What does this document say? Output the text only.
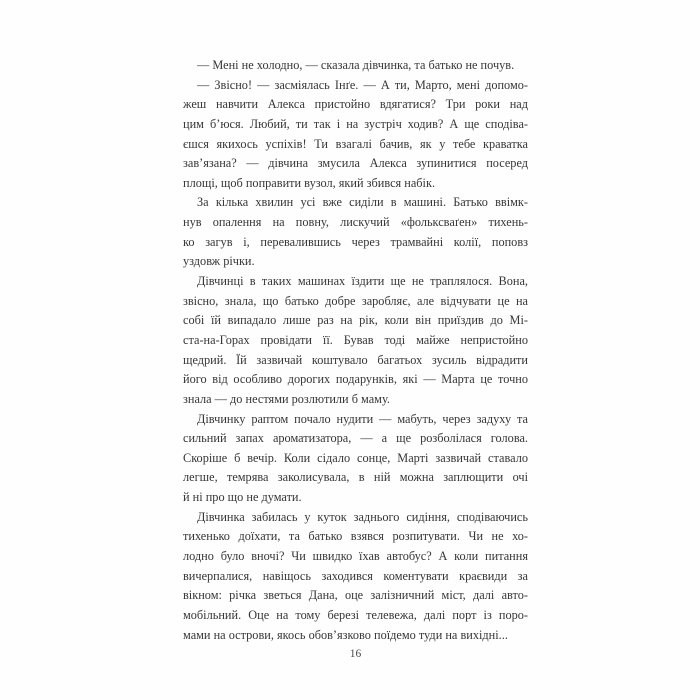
— Мені не холодно, — сказала дівчинка, та батько не почув.
— Звісно! — засміялась Інґе. — А ти, Марто, мені допомо-
жеш навчити Алекса пристойно вдягатися? Три роки над
цим б’юся. Любий, ти так і на зустріч ходив? А ще сподіва-
єшся якихось успіхів! Ти взагалі бачив, як у тебе краватка
зав’язана? — дівчина змусила Алекса зупинитися посеред
площі, щоб поправити вузол, який збився набік.
За кілька хвилин усі вже сиділи в машині. Батько ввімк-
нув опалення на повну, лискучий «фольксваґен» тихень-
ко загув і, перевалившись через трамвайні колії, поповз
уздовж річки.
Дівчинці в таких машинах їздити ще не траплялося. Вона,
звісно, знала, що батько добре заробляє, але відчувати це на
собі їй випадало лише раз на рік, коли він приїздив до Мі-
ста-на-Горах провідати її. Бував тоді майже непристойно
щедрий. Їй зазвичай коштувало багатьох зусиль відрадити
його від особливо дорогих подарунків, які — Марта це точно
знала — до нестями розлютили б маму.
Дівчинку раптом почало нудити — мабуть, через задуху та
сильний запах ароматизатора, — а ще розболілася голова.
Скоріше б вечір. Коли сідало сонце, Марті зазвичай ставало
легше, темрява заколисувала, в ній можна заплющити очі
й ні про що не думати.
Дівчинка забилась у куток заднього сидіння, сподіваючись
тихенько доїхати, та батько взявся розпитувати. Чи не хо-
лодно було вночі? Чи швидко їхав автобус? А коли питання
вичерпалися, навіщось заходився коментувати краєвиди за
вікном: річка зветься Дана, оце залізничний міст, далі авто-
мобільний. Оце на тому березі телевежа, далі порт із поро-
мами на острови, якось обов’язково поїдемо туди на вихідні...
16
